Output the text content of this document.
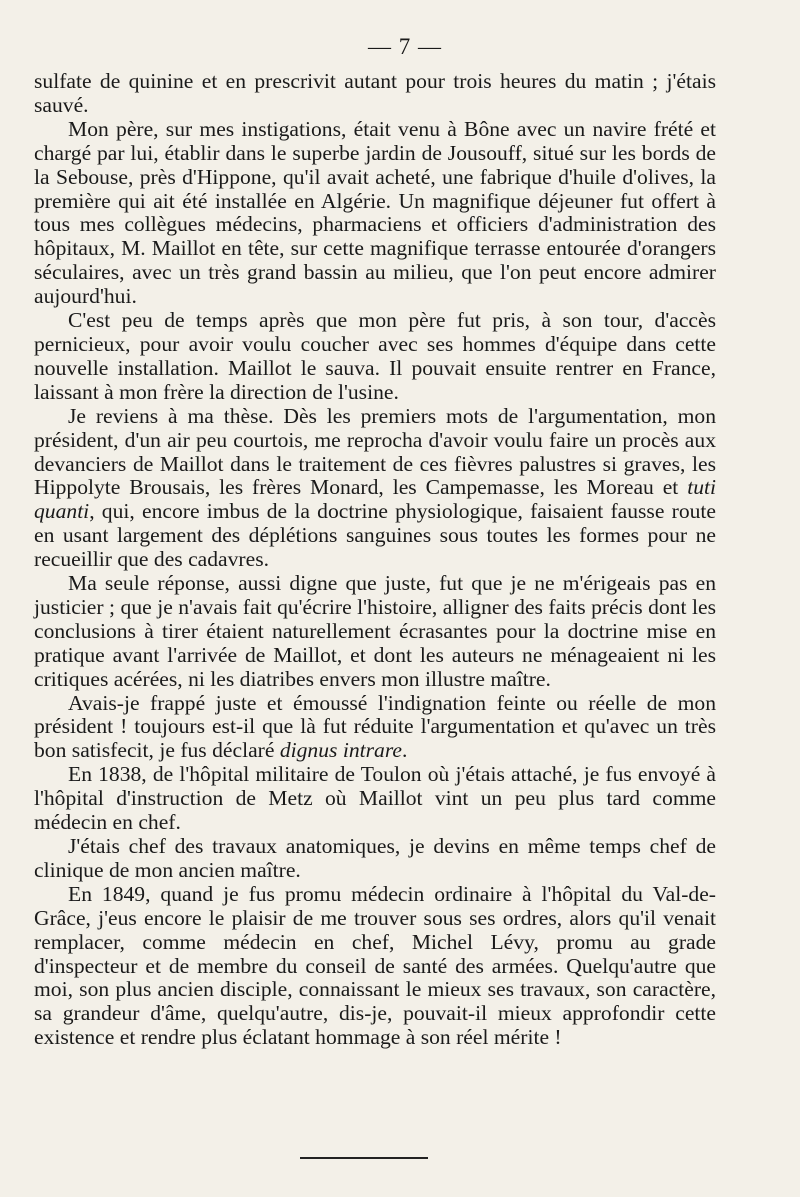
— 7 —

sulfate de quinine et en prescrivit autant pour trois heures du matin ; j'étais sauvé.

Mon père, sur mes instigations, était venu à Bône avec un navire frété et chargé par lui, établir dans le superbe jardin de Jousouff, situé sur les bords de la Sebouse, près d'Hippone, qu'il avait acheté, une fabrique d'huile d'olives, la première qui ait été installée en Algérie. Un magnifique déjeuner fut offert à tous mes collègues médecins, pharmaciens et officiers d'administration des hôpitaux, M. Maillot en tête, sur cette magnifique terrasse entourée d'orangers séculaires, avec un très grand bassin au milieu, que l'on peut encore admirer aujourd'hui.

C'est peu de temps après que mon père fut pris, à son tour, d'accès pernicieux, pour avoir voulu coucher avec ses hommes d'équipe dans cette nouvelle installation. Maillot le sauva. Il pouvait ensuite rentrer en France, laissant à mon frère la direction de l'usine.

Je reviens à ma thèse. Dès les premiers mots de l'argumentation, mon président, d'un air peu courtois, me reprocha d'avoir voulu faire un procès aux devanciers de Maillot dans le traitement de ces fièvres palustres si graves, les Hippolyte Brousais, les frères Monard, les Campemasse, les Moreau et tuti quanti, qui, encore imbus de la doctrine physiologique, faisaient fausse route en usant largement des déplétions sanguines sous toutes les formes pour ne recueillir que des cadavres.

Ma seule réponse, aussi digne que juste, fut que je ne m'érigeais pas en justicier ; que je n'avais fait qu'écrire l'histoire, alligner des faits précis dont les conclusions à tirer étaient naturellement écrasantes pour la doctrine mise en pratique avant l'arrivée de Maillot, et dont les auteurs ne ménageaient ni les critiques acérées, ni les diatribes envers mon illustre maître.

Avais-je frappé juste et émoussé l'indignation feinte ou réelle de mon président ! toujours est-il que là fut réduite l'argumentation et qu'avec un très bon satisfecit, je fus déclaré dignus intrare.

En 1838, de l'hôpital militaire de Toulon où j'étais attaché, je fus envoyé à l'hôpital d'instruction de Metz où Maillot vint un peu plus tard comme médecin en chef.

J'étais chef des travaux anatomiques, je devins en même temps chef de clinique de mon ancien maître.

En 1849, quand je fus promu médecin ordinaire à l'hôpital du Val-de-Grâce, j'eus encore le plaisir de me trouver sous ses ordres, alors qu'il venait remplacer, comme médecin en chef, Michel Lévy, promu au grade d'inspecteur et de membre du conseil de santé des armées. Quelqu'autre que moi, son plus ancien disciple, connaissant le mieux ses travaux, son caractère, sa grandeur d'âme, quelqu'autre, dis-je, pouvait-il mieux approfondir cette existence et rendre plus éclatant hommage à son réel mérite !
